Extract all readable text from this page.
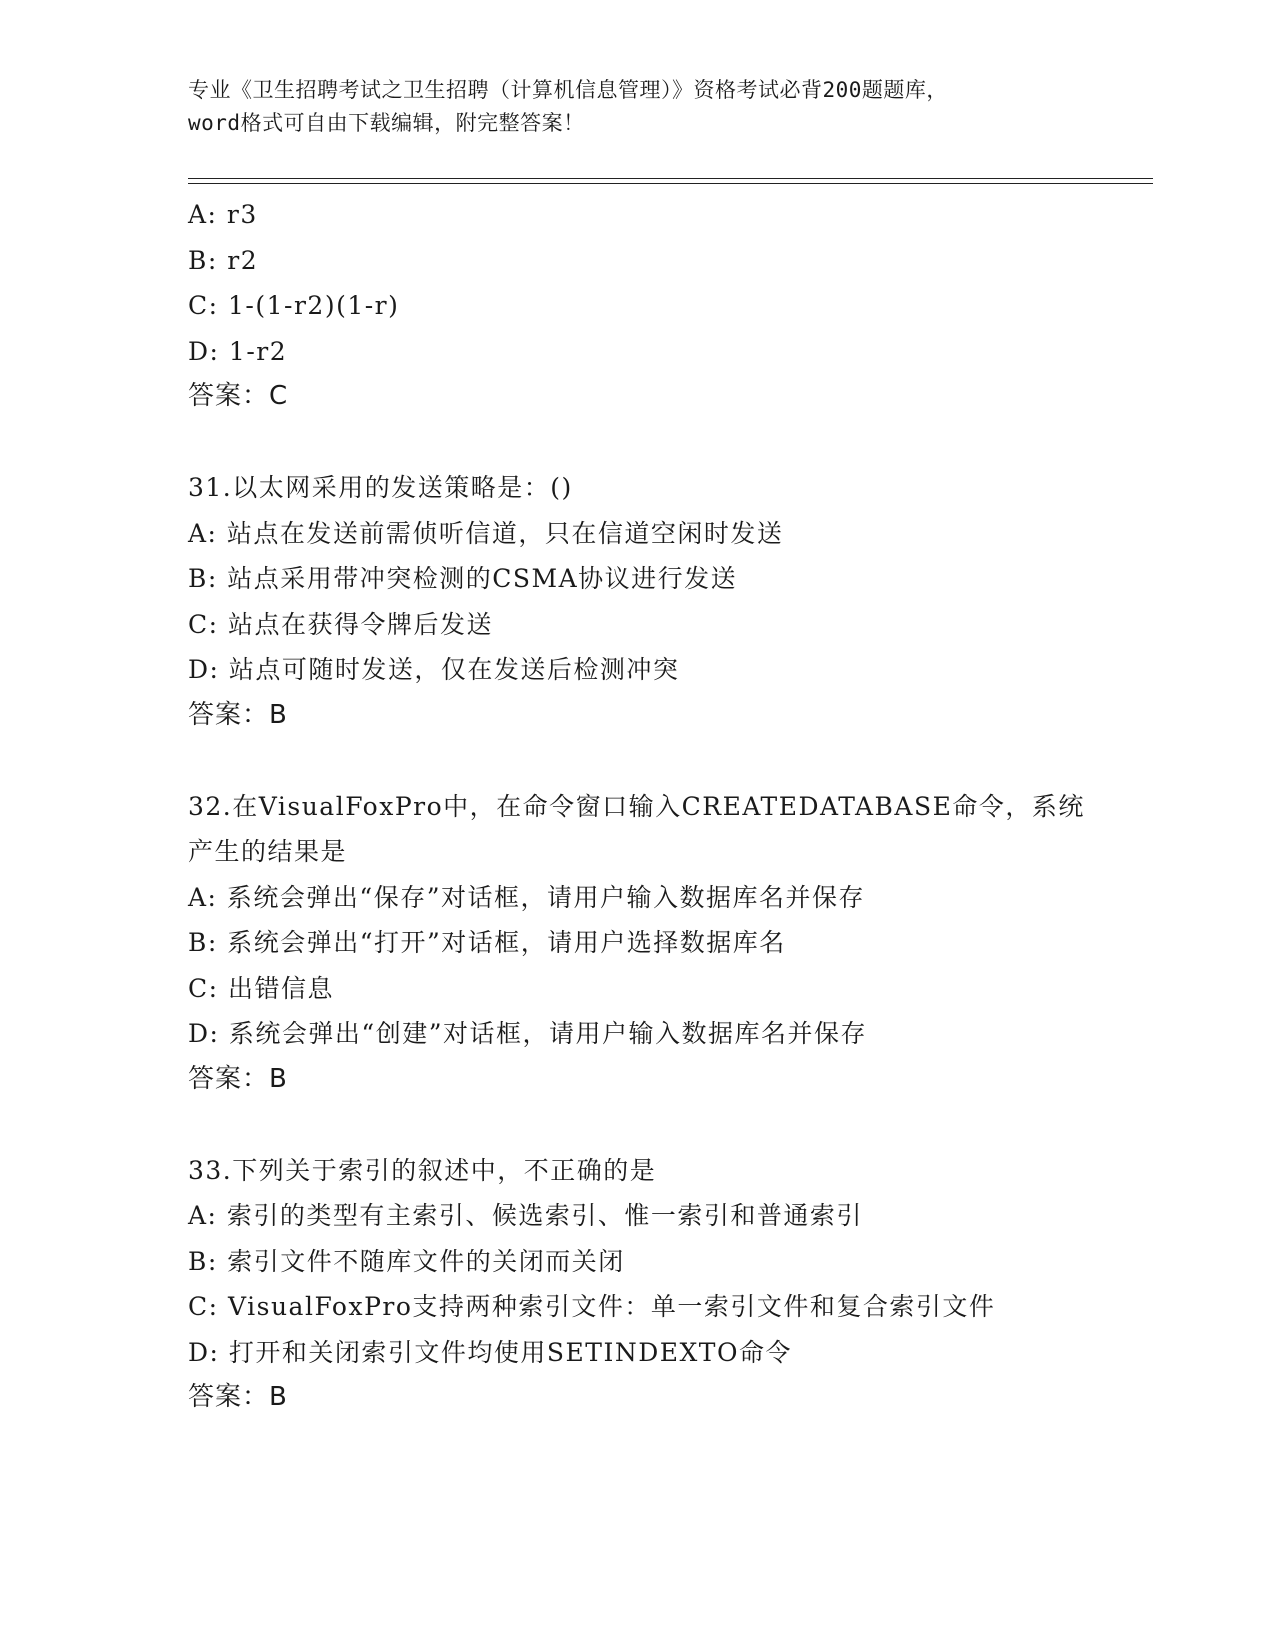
专业《卫生招聘考试之卫生招聘（计算机信息管理）》资格考试必背200题题库，
word格式可自由下载编辑，附完整答案！
A: r3
B: r2
C: 1-(1-r2)(1-r)
D: 1-r2
答案：C
31.以太网采用的发送策略是：()
A: 站点在发送前需侦听信道，只在信道空闲时发送
B: 站点采用带冲突检测的CSMA协议进行发送
C: 站点在获得令牌后发送
D: 站点可随时发送，仅在发送后检测冲突
答案：B
32.在VisualFoxPro中，在命令窗口输入CREATEDATABASE命令，系统
产生的结果是
A: 系统会弹出“保存”对话框，请用户输入数据库名并保存
B: 系统会弹出“打开”对话框，请用户选择数据库名
C: 出错信息
D: 系统会弹出“创建”对话框，请用户输入数据库名并保存
答案：B
33.下列关于索引的叙述中，不正确的是
A: 索引的类型有主索引、候选索引、惟一索引和普通索引
B: 索引文件不随库文件的关闭而关闭
C: VisualFoxPro支持两种索引文件：单一索引文件和复合索引文件
D: 打开和关闭索引文件均使用SETINDEXTO命令
答案：B
